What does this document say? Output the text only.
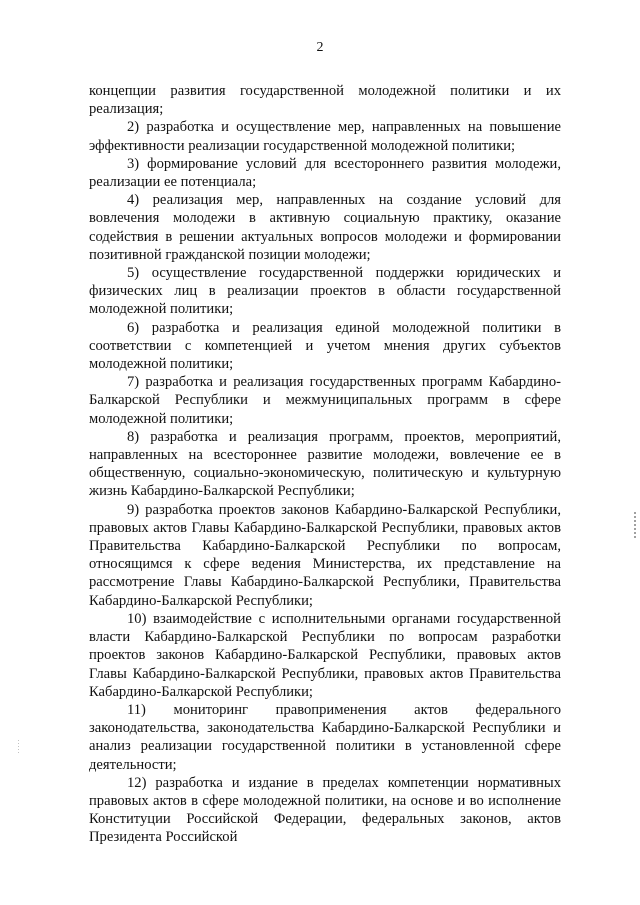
2

концепции развития государственной молодежной политики и их реализация;

2) разработка и осуществление мер, направленных на повышение эффективности реализации государственной молодежной политики;

3) формирование условий для всестороннего развития молодежи, реализации ее потенциала;

4) реализация мер, направленных на создание условий для вовлечения молодежи в активную социальную практику, оказание содействия в решении актуальных вопросов молодежи и формировании позитивной гражданской позиции молодежи;

5) осуществление государственной поддержки юридических и физических лиц в реализации проектов в области государственной молодежной политики;

6) разработка и реализация единой молодежной политики в соответствии с компетенцией и учетом мнения других субъектов молодежной политики;

7) разработка и реализация государственных программ Кабардино-Балкарской Республики и межмуниципальных программ в сфере молодежной политики;

8) разработка и реализация программ, проектов, мероприятий, направленных на всестороннее развитие молодежи, вовлечение ее в общественную, социально-экономическую, политическую и культурную жизнь Кабардино-Балкарской Республики;

9) разработка проектов законов Кабардино-Балкарской Республики, правовых актов Главы Кабардино-Балкарской Республики, правовых актов Правительства Кабардино-Балкарской Республики по вопросам, относящимся к сфере ведения Министерства, их представление на рассмотрение Главы Кабардино-Балкарской Республики, Правительства Кабардино-Балкарской Республики;

10) взаимодействие с исполнительными органами государственной власти Кабардино-Балкарской Республики по вопросам разработки проектов законов Кабардино-Балкарской Республики, правовых актов Главы Кабардино-Балкарской Республики, правовых актов Правительства Кабардино-Балкарской Республики;

11) мониторинг правоприменения актов федерального законодательства, законодательства Кабардино-Балкарской Республики и анализ реализации государственной политики в установленной сфере деятельности;

12) разработка и издание в пределах компетенции нормативных правовых актов в сфере молодежной политики, на основе и во исполнение Конституции Российской Федерации, федеральных законов, актов Президента Российской
